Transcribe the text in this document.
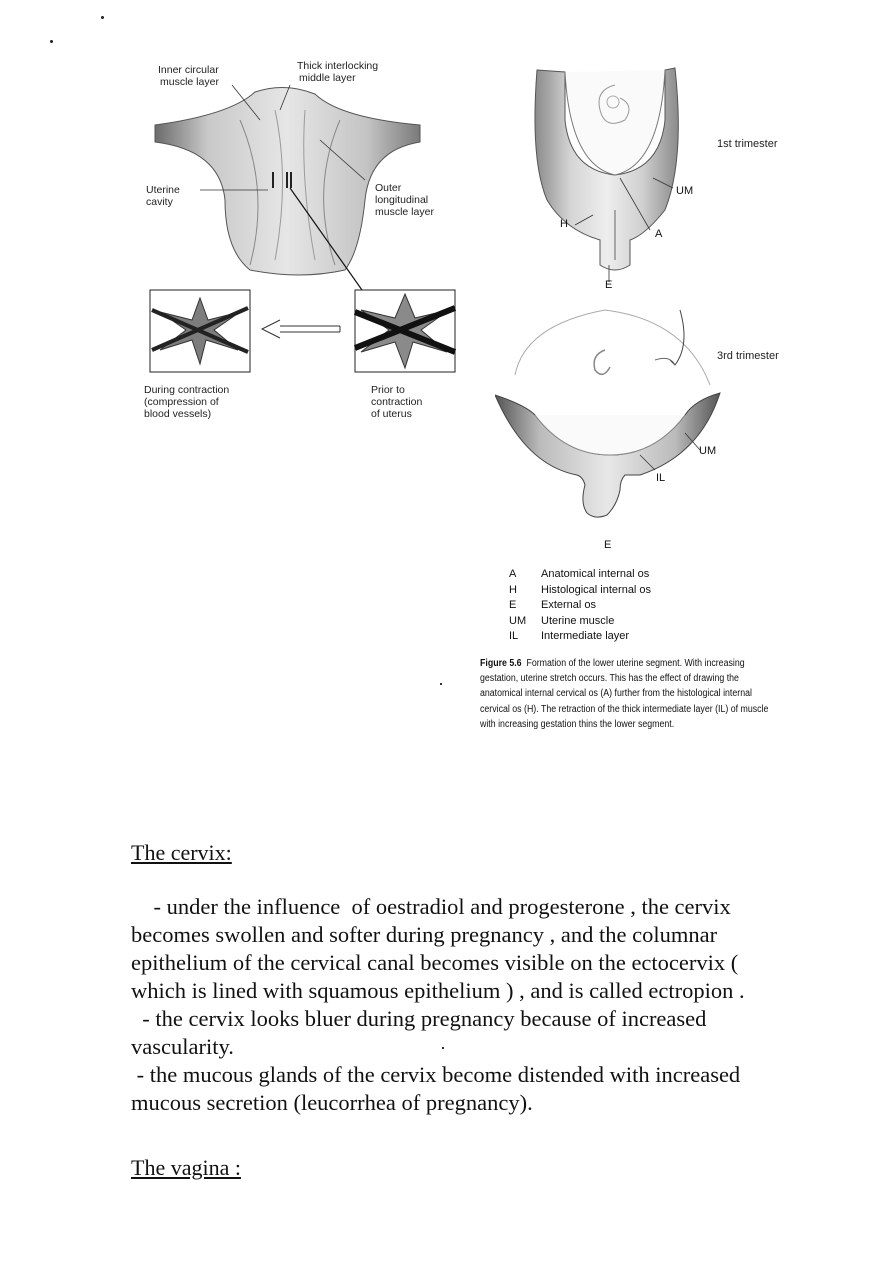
Inner circular
muscle layer
Thick interlocking
middle layer
Uterine
cavity
Outer
longitudinal
muscle layer
During contraction
(compression of
blood vessels)
Prior to
contraction
of uterus
1st trimester
3rd trimester
UM
H
A
E
UM
IL
E
A	Anatomical internal os
H	Histological internal os
E	External os
UM	Uterine muscle
IL	Intermediate layer
Figure 5.6 Formation of the lower uterine segment. With increasing gestation, uterine stretch occurs. This has the effect of drawing the anatomical internal cervical os (A) further from the histological internal cervical os (H). The retraction of the thick intermediate layer (IL) of muscle with increasing gestation thins the lower segment.
The cervix:

- under the influence  of oestradiol and progesterone , the cervix

becomes swollen and softer during pregnancy , and the columnar

epithelium of the cervical canal becomes visible on the ectocervix (

which is lined with squamous epithelium ) , and is called ectropion .

- the cervix looks bluer during pregnancy because of increased

vascularity.

- the mucous glands of the cervix become distended with increased

mucous secretion (leucorrhea of pregnancy).

The vagina :
